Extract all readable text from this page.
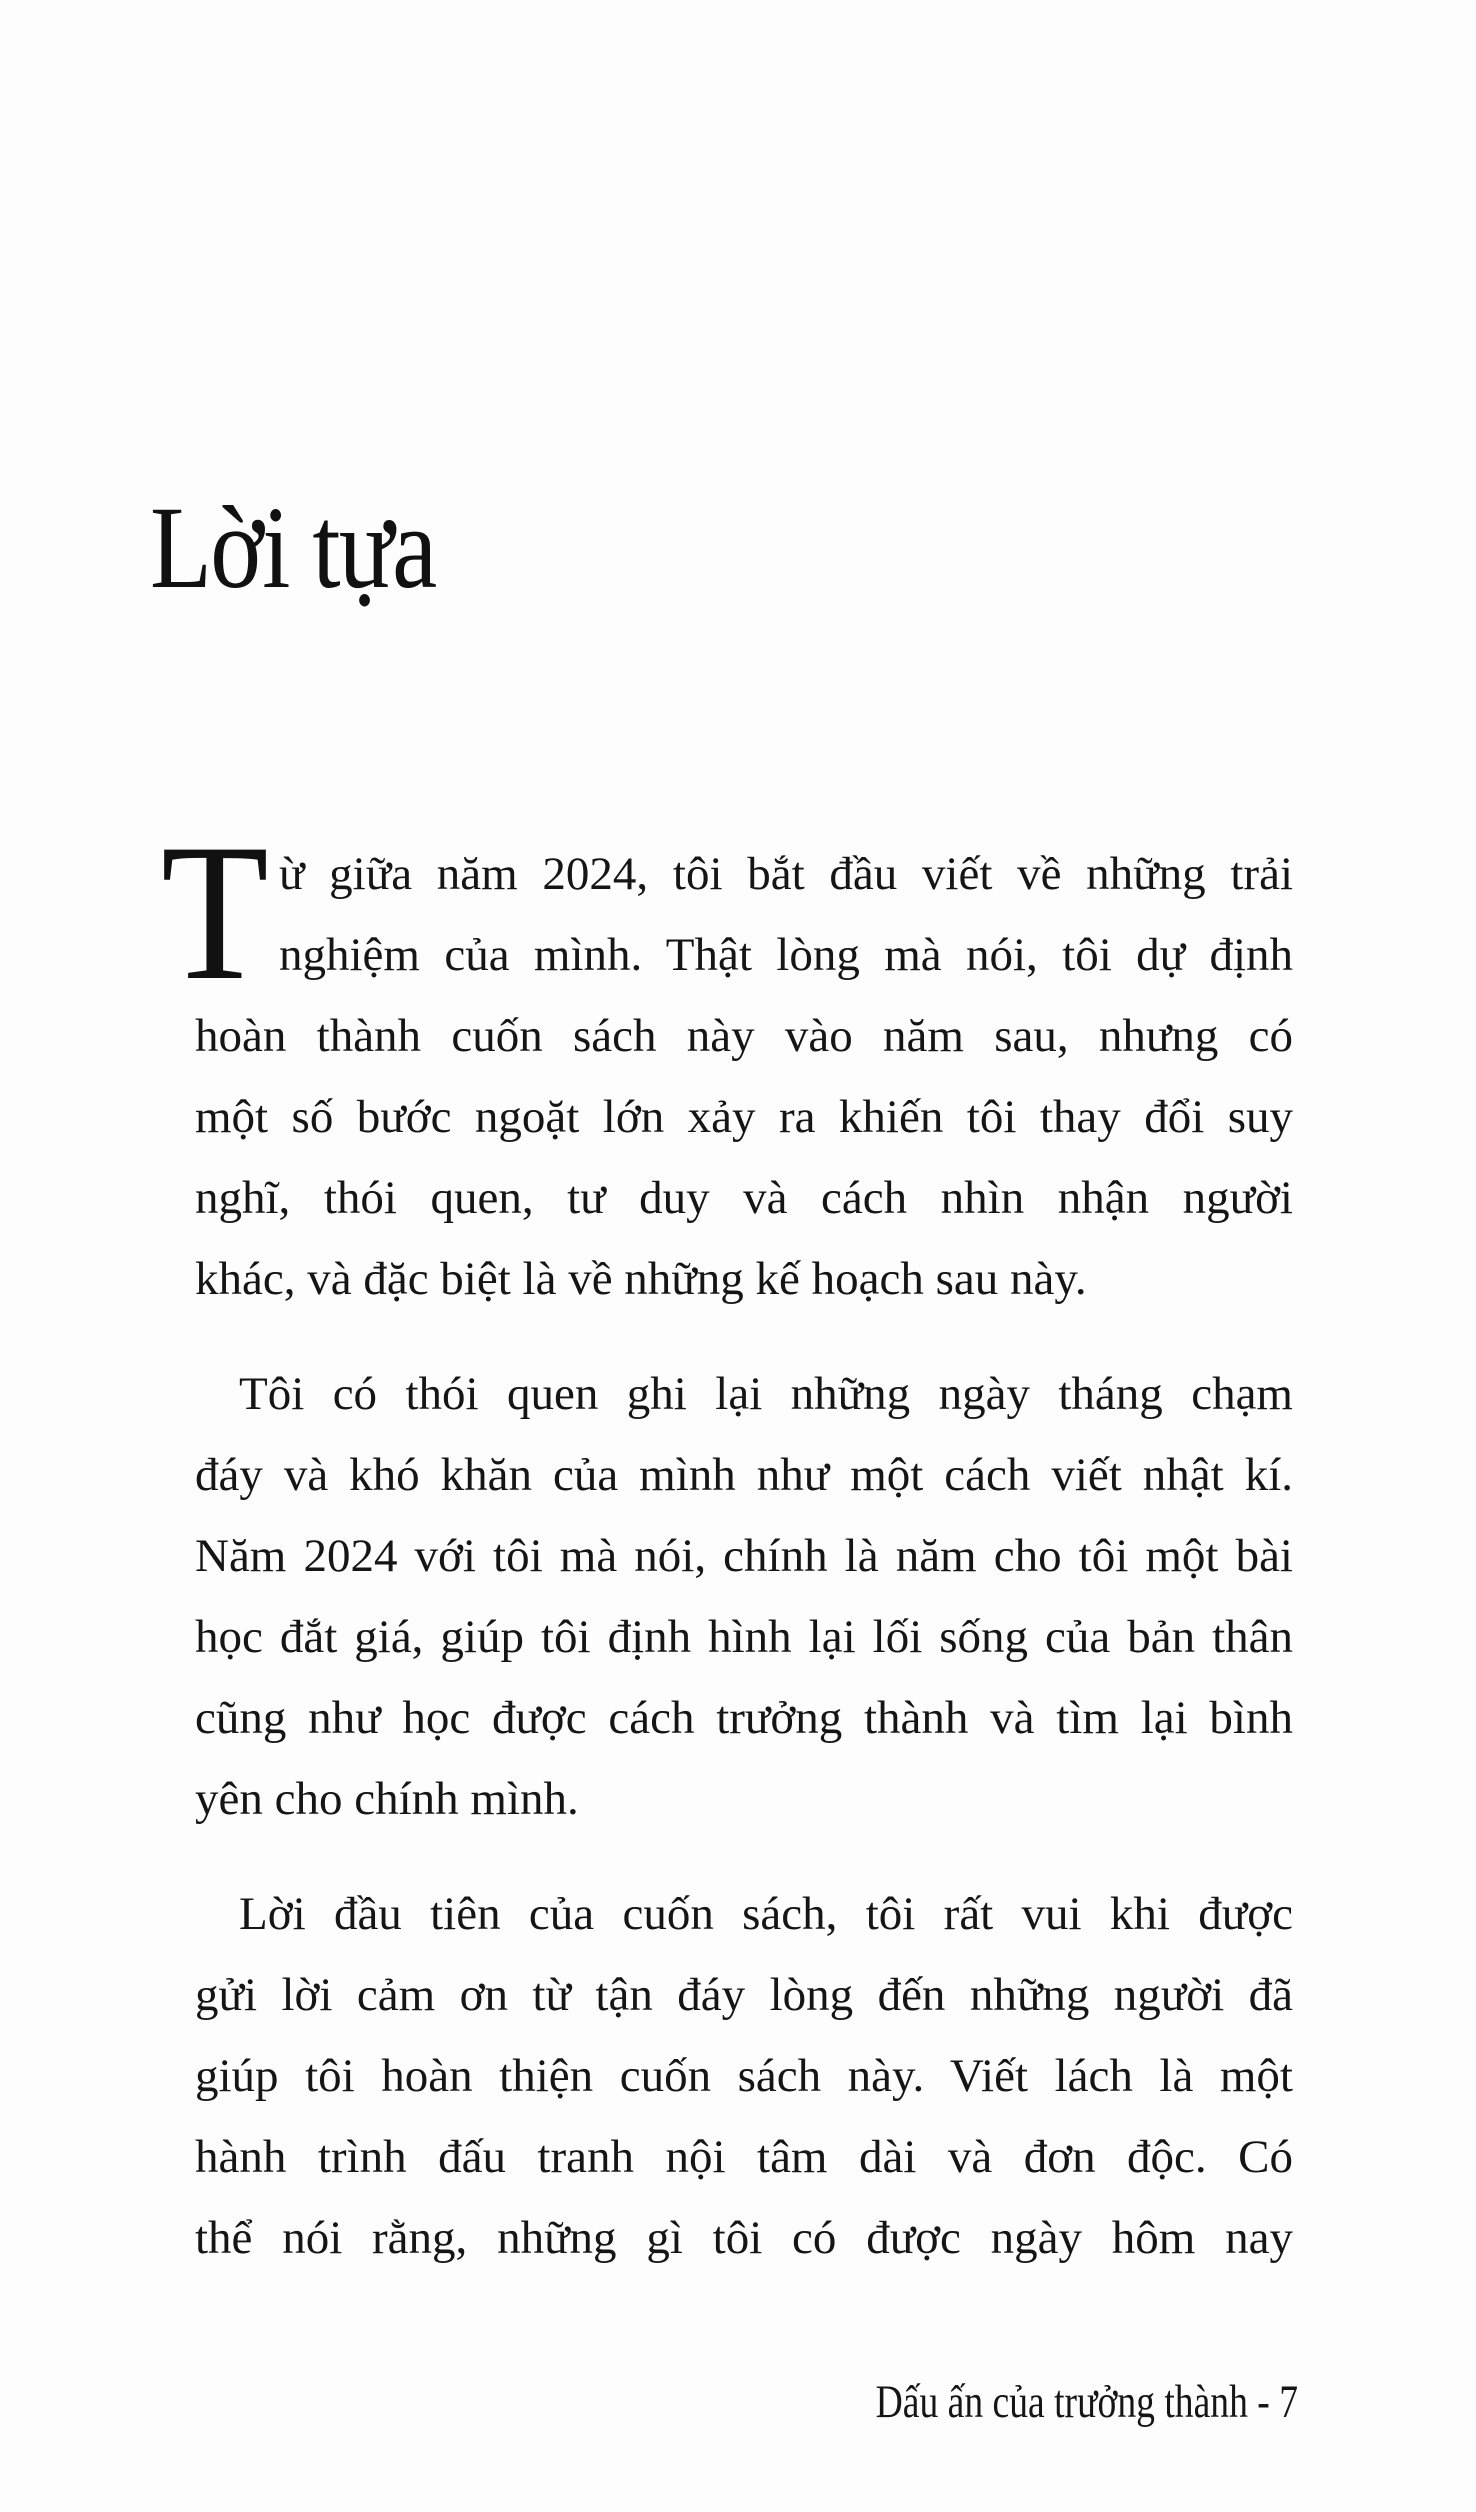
Lời tựa

T ừ giữa năm 2024, tôi bắt đầu viết về những trải
nghiệm của mình. Thật lòng mà nói, tôi dự định
hoàn thành cuốn sách này vào năm sau, nhưng có
một số bước ngoặt lớn xảy ra khiến tôi thay đổi suy
nghĩ, thói quen, tư duy và cách nhìn nhận người
khác, và đặc biệt là về những kế hoạch sau này.

Tôi có thói quen ghi lại những ngày tháng chạm
đáy và khó khăn của mình như một cách viết nhật kí.
Năm 2024 với tôi mà nói, chính là năm cho tôi một bài
học đắt giá, giúp tôi định hình lại lối sống của bản thân
cũng như học được cách trưởng thành và tìm lại bình
yên cho chính mình.

Lời đầu tiên của cuốn sách, tôi rất vui khi được
gửi lời cảm ơn từ tận đáy lòng đến những người đã
giúp tôi hoàn thiện cuốn sách này. Viết lách là một
hành trình đấu tranh nội tâm dài và đơn độc. Có
thể nói rằng, những gì tôi có được ngày hôm nay

Dấu ấn của trưởng thành - 7
